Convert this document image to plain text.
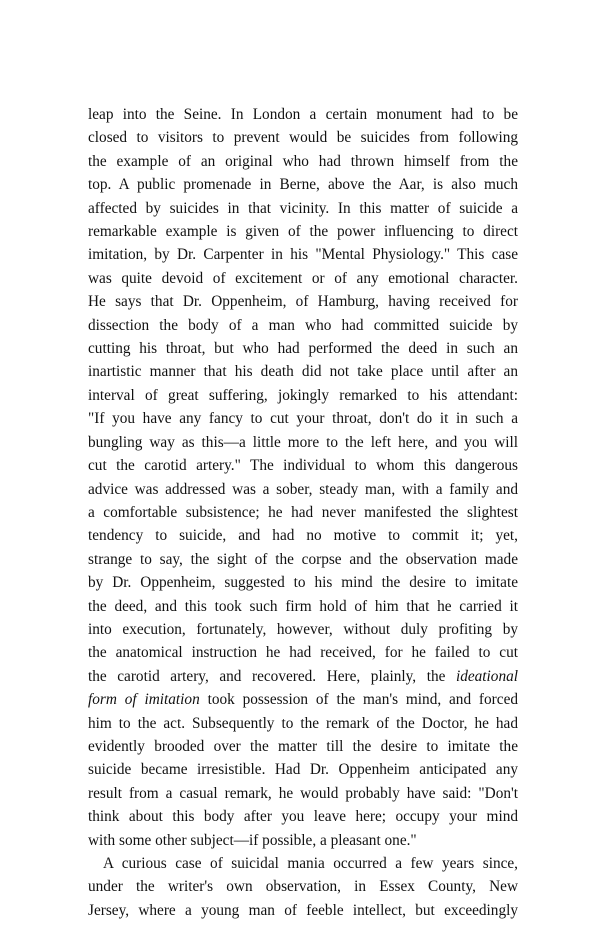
leap into the Seine. In London a certain monument had to be
closed to visitors to prevent would be suicides from following
the example of an original who had thrown himself from the
top. A public promenade in Berne, above the Aar, is also much
affected by suicides in that vicinity. In this matter of suicide a
remarkable example is given of the power influencing to direct
imitation, by Dr. Carpenter in his "Mental Physiology." This case
was quite devoid of excitement or of any emotional character.
He says that Dr. Oppenheim, of Hamburg, having received for
dissection the body of a man who had committed suicide by
cutting his throat, but who had performed the deed in such an
inartistic manner that his death did not take place until after an
interval of great suffering, jokingly remarked to his attendant:
"If you have any fancy to cut your throat, don't do it in such a
bungling way as this—a little more to the left here, and you will
cut the carotid artery." The individual to whom this dangerous
advice was addressed was a sober, steady man, with a family and
a comfortable subsistence; he had never manifested the slightest
tendency to suicide, and had no motive to commit it; yet,
strange to say, the sight of the corpse and the observation made
by Dr. Oppenheim, suggested to his mind the desire to imitate
the deed, and this took such firm hold of him that he carried it
into execution, fortunately, however, without duly profiting by
the anatomical instruction he had received, for he failed to cut
the carotid artery, and recovered. Here, plainly, the ideational
form of imitation took possession of the man's mind, and forced
him to the act. Subsequently to the remark of the Doctor, he had
evidently brooded over the matter till the desire to imitate the
suicide became irresistible. Had Dr. Oppenheim anticipated any
result from a casual remark, he would probably have said: "Don't
think about this body after you leave here; occupy your mind
with some other subject—if possible, a pleasant one."

A curious case of suicidal mania occurred a few years since,
under the writer's own observation, in Essex County, New
Jersey, where a young man of feeble intellect, but exceedingly
